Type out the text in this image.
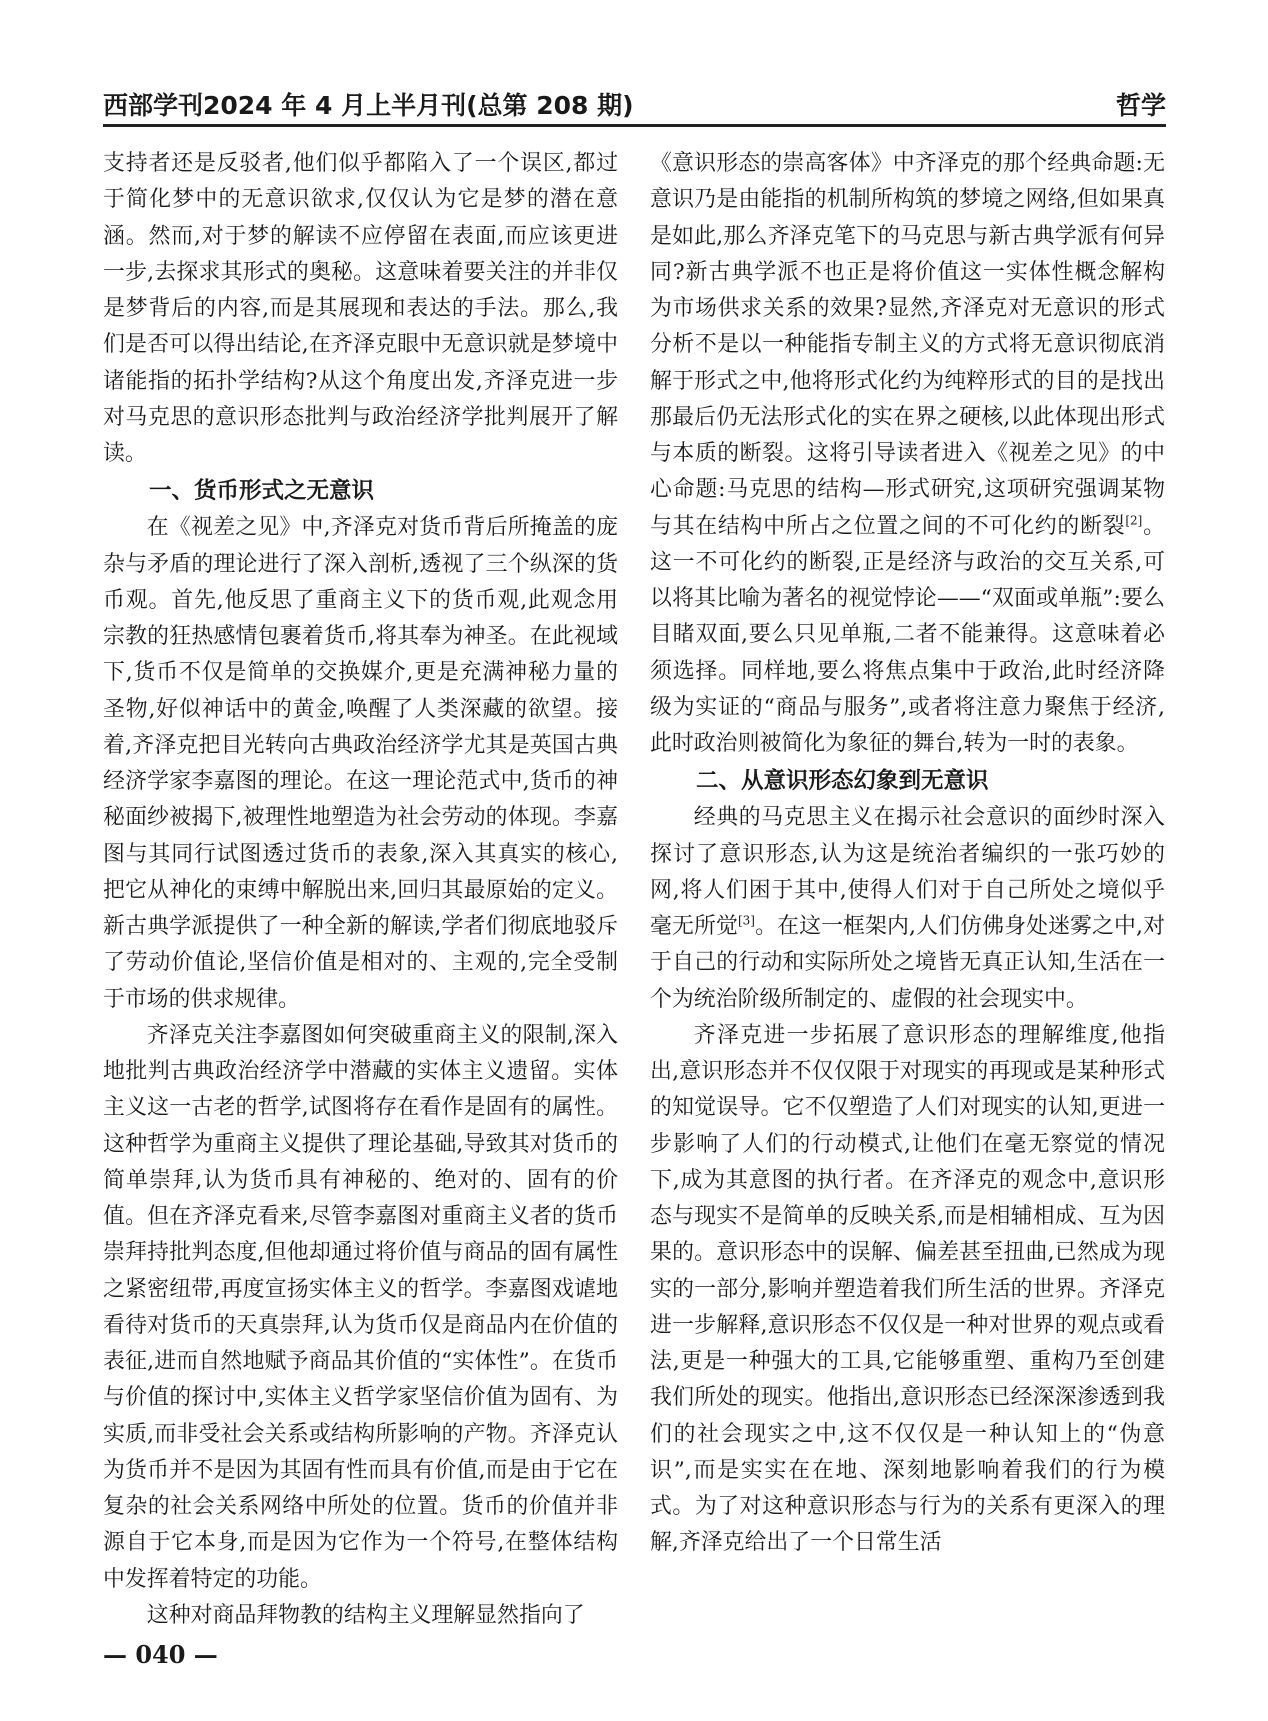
西部学刊2024 年 4 月上半月刊(总第 208 期)	哲学

支持者还是反驳者,他们似乎都陷入了一个误区,都过于简化梦中的无意识欲求,仅仅认为它是梦的潜在意涵。然而,对于梦的解读不应停留在表面,而应该更进一步,去探求其形式的奥秘。这意味着要关注的并非仅是梦背后的内容,而是其展现和表达的手法。那么,我们是否可以得出结论,在齐泽克眼中无意识就是梦境中诸能指的拓扑学结构?从这个角度出发,齐泽克进一步对马克思的意识形态批判与政治经济学批判展开了解读。

一、货币形式之无意识

在《视差之见》中,齐泽克对货币背后所掩盖的庞杂与矛盾的理论进行了深入剖析,透视了三个纵深的货币观。首先,他反思了重商主义下的货币观,此观念用宗教的狂热感情包裹着货币,将其奉为神圣。在此视域下,货币不仅是简单的交换媒介,更是充满神秘力量的圣物,好似神话中的黄金,唤醒了人类深藏的欲望。接着,齐泽克把目光转向古典政治经济学尤其是英国古典经济学家李嘉图的理论。在这一理论范式中,货币的神秘面纱被揭下,被理性地塑造为社会劳动的体现。李嘉图与其同行试图透过货币的表象,深入其真实的核心,把它从神化的束缚中解脱出来,回归其最原始的定义。新古典学派提供了一种全新的解读,学者们彻底地驳斥了劳动价值论,坚信价值是相对的、主观的,完全受制于市场的供求规律。

齐泽克关注李嘉图如何突破重商主义的限制,深入地批判古典政治经济学中潜藏的实体主义遗留。实体主义这一古老的哲学,试图将存在看作是固有的属性。这种哲学为重商主义提供了理论基础,导致其对货币的简单崇拜,认为货币具有神秘的、绝对的、固有的价值。但在齐泽克看来,尽管李嘉图对重商主义者的货币崇拜持批判态度,但他却通过将价值与商品的固有属性之紧密纽带,再度宣扬实体主义的哲学。李嘉图戏谑地看待对货币的天真崇拜,认为货币仅是商品内在价值的表征,进而自然地赋予商品其价值的“实体性”。在货币与价值的探讨中,实体主义哲学家坚信价值为固有、为实质,而非受社会关系或结构所影响的产物。齐泽克认为货币并不是因为其固有性而具有价值,而是由于它在复杂的社会关系网络中所处的位置。货币的价值并非源自于它本身,而是因为它作为一个符号,在整体结构中发挥着特定的功能。

这种对商品拜物教的结构主义理解显然指向了

《意识形态的崇高客体》中齐泽克的那个经典命题:无意识乃是由能指的机制所构筑的梦境之网络,但如果真是如此,那么齐泽克笔下的马克思与新古典学派有何异同?新古典学派不也正是将价值这一实体性概念解构为市场供求关系的效果?显然,齐泽克对无意识的形式分析不是以一种能指专制主义的方式将无意识彻底消解于形式之中,他将形式化约为纯粹形式的目的是找出那最后仍无法形式化的实在界之硬核,以此体现出形式与本质的断裂。这将引导读者进入《视差之见》的中心命题:马克思的结构—形式研究,这项研究强调某物与其在结构中所占之位置之间的不可化约的断裂[2]。这一不可化约的断裂,正是经济与政治的交互关系,可以将其比喻为著名的视觉悖论——“双面或单瓶”:要么目睹双面,要么只见单瓶,二者不能兼得。这意味着必须选择。同样地,要么将焦点集中于政治,此时经济降级为实证的“商品与服务”,或者将注意力聚焦于经济,此时政治则被简化为象征的舞台,转为一时的表象。

二、从意识形态幻象到无意识

经典的马克思主义在揭示社会意识的面纱时深入探讨了意识形态,认为这是统治者编织的一张巧妙的网,将人们困于其中,使得人们对于自己所处之境似乎毫无所觉[3]。在这一框架内,人们仿佛身处迷雾之中,对于自己的行动和实际所处之境皆无真正认知,生活在一个为统治阶级所制定的、虚假的社会现实中。

齐泽克进一步拓展了意识形态的理解维度,他指出,意识形态并不仅仅限于对现实的再现或是某种形式的知觉误导。它不仅塑造了人们对现实的认知,更进一步影响了人们的行动模式,让他们在毫无察觉的情况下,成为其意图的执行者。在齐泽克的观念中,意识形态与现实不是简单的反映关系,而是相辅相成、互为因果的。意识形态中的误解、偏差甚至扭曲,已然成为现实的一部分,影响并塑造着我们所生活的世界。齐泽克进一步解释,意识形态不仅仅是一种对世界的观点或看法,更是一种强大的工具,它能够重塑、重构乃至创建我们所处的现实。他指出,意识形态已经深深渗透到我们的社会现实之中,这不仅仅是一种认知上的“伪意识”,而是实实在在地、深刻地影响着我们的行为模式。为了对这种意识形态与行为的关系有更深入的理解,齐泽克给出了一个日常生活

— 040 —
